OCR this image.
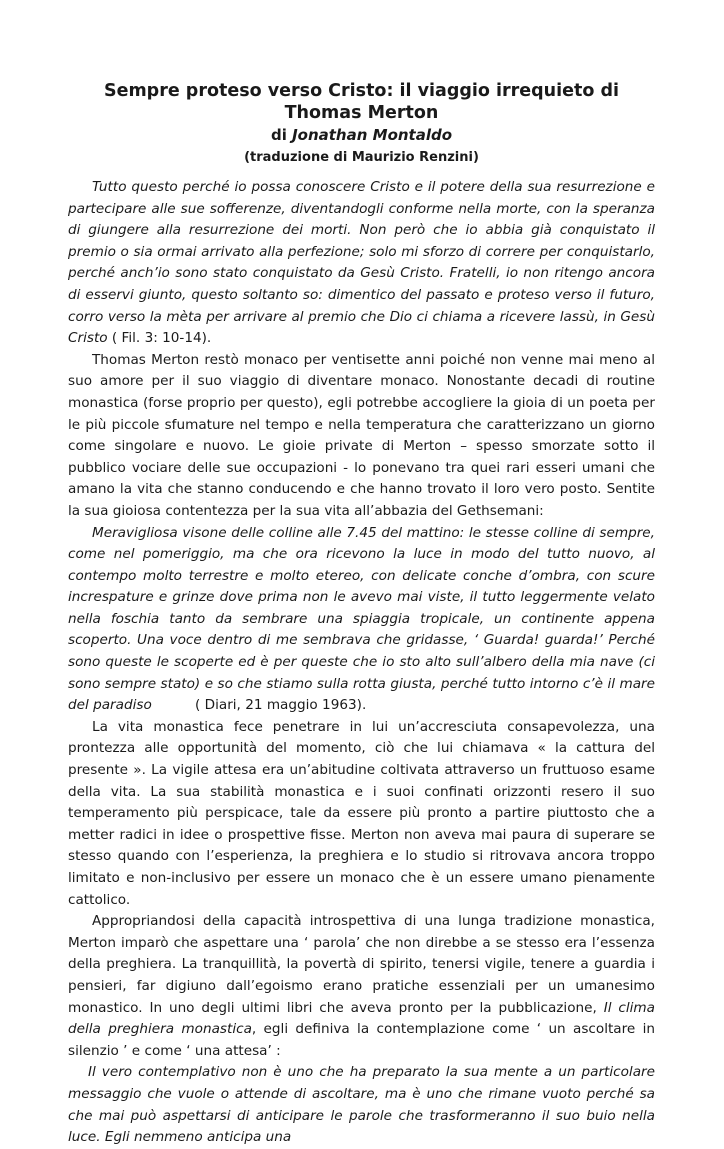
Sempre proteso verso Cristo: il viaggio irrequieto di Thomas Merton
di Jonathan Montaldo
(traduzione di Maurizio Renzini)

Tutto questo perché io possa conoscere Cristo e il potere della sua resurrezione e partecipare alle sue sofferenze, diventandogli conforme nella morte, con la speranza di giungere alla resurrezione dei morti. Non però che io abbia già conquistato il premio o sia ormai arrivato alla perfezione; solo mi sforzo di correre per conquistarlo, perché anch’io sono stato conquistato da Gesù Cristo. Fratelli, io non ritengo ancora di esservi giunto, questo soltanto so: dimentico del passato e proteso verso il futuro, corro verso la mèta per arrivare al premio che Dio ci chiama a ricevere lassù, in Gesù Cristo ( Fil. 3: 10-14).

Thomas Merton restò monaco per ventisette anni poiché non venne mai meno al suo amore per il suo viaggio di diventare monaco. Nonostante decadi di routine monastica (forse proprio per questo), egli potrebbe accogliere la gioia di un poeta per le più piccole sfumature nel tempo e nella temperatura che caratterizzano un giorno come singolare e nuovo. Le gioie private di Merton – spesso smorzate sotto il pubblico vociare delle sue occupazioni - lo ponevano tra quei rari esseri umani che amano la vita che stanno conducendo e che hanno trovato il loro vero posto. Sentite la sua gioiosa contentezza per la sua vita all’abbazia del Gethsemani:

Meravigliosa visone delle colline alle 7.45 del mattino: le stesse colline di sempre, come nel pomeriggio, ma che ora ricevono la luce in modo del tutto nuovo, al contempo molto terrestre e molto etereo, con delicate conche d’ombra, con scure increspature e grinze dove prima non le avevo mai viste, il tutto leggermente velato nella foschia tanto da sembrare una spiaggia tropicale, un continente appena scoperto. Una voce dentro di me sembrava che gridasse, ‘ Guarda! guarda!’ Perché sono queste le scoperte ed è per queste che io sto alto sull’albero della mia nave (ci sono sempre stato) e so che stiamo sulla rotta giusta, perché tutto intorno c’è il mare del paradiso          ( Diari, 21 maggio 1963).

La vita monastica fece penetrare in lui un’accresciuta consapevolezza, una prontezza alle opportunità del momento, ciò che lui chiamava « la cattura del presente ». La vigile attesa era un’abitudine coltivata attraverso un fruttuoso esame della vita. La sua stabilità monastica e i suoi confinati orizzonti resero il suo temperamento più perspicace, tale da essere più pronto a partire piuttosto che a metter radici in idee o prospettive fisse. Merton non aveva mai paura di superare se stesso quando con l’esperienza, la preghiera e lo studio si ritrovava ancora troppo limitato e non-inclusivo per essere un monaco che è un essere umano pienamente cattolico.

Appropriandosi della capacità introspettiva di una lunga tradizione monastica, Merton imparò che aspettare una ‘ parola’ che non direbbe a se stesso era l’essenza della preghiera. La tranquillità, la povertà di spirito, tenersi vigile, tenere a guardia i pensieri, far digiuno dall’egoismo erano pratiche essenziali per un umanesimo monastico. In uno degli ultimi libri che aveva pronto per la pubblicazione, Il clima della preghiera monastica, egli definiva la contemplazione come ‘ un ascoltare in silenzio ’ e come ‘ una attesa’ :

Il vero contemplativo non è uno che ha preparato la sua mente a un particolare messaggio che vuole o attende di ascoltare, ma è uno che rimane vuoto perché sa che mai può aspettarsi di anticipare le parole che trasformeranno il suo buio nella luce. Egli nemmeno anticipa una
